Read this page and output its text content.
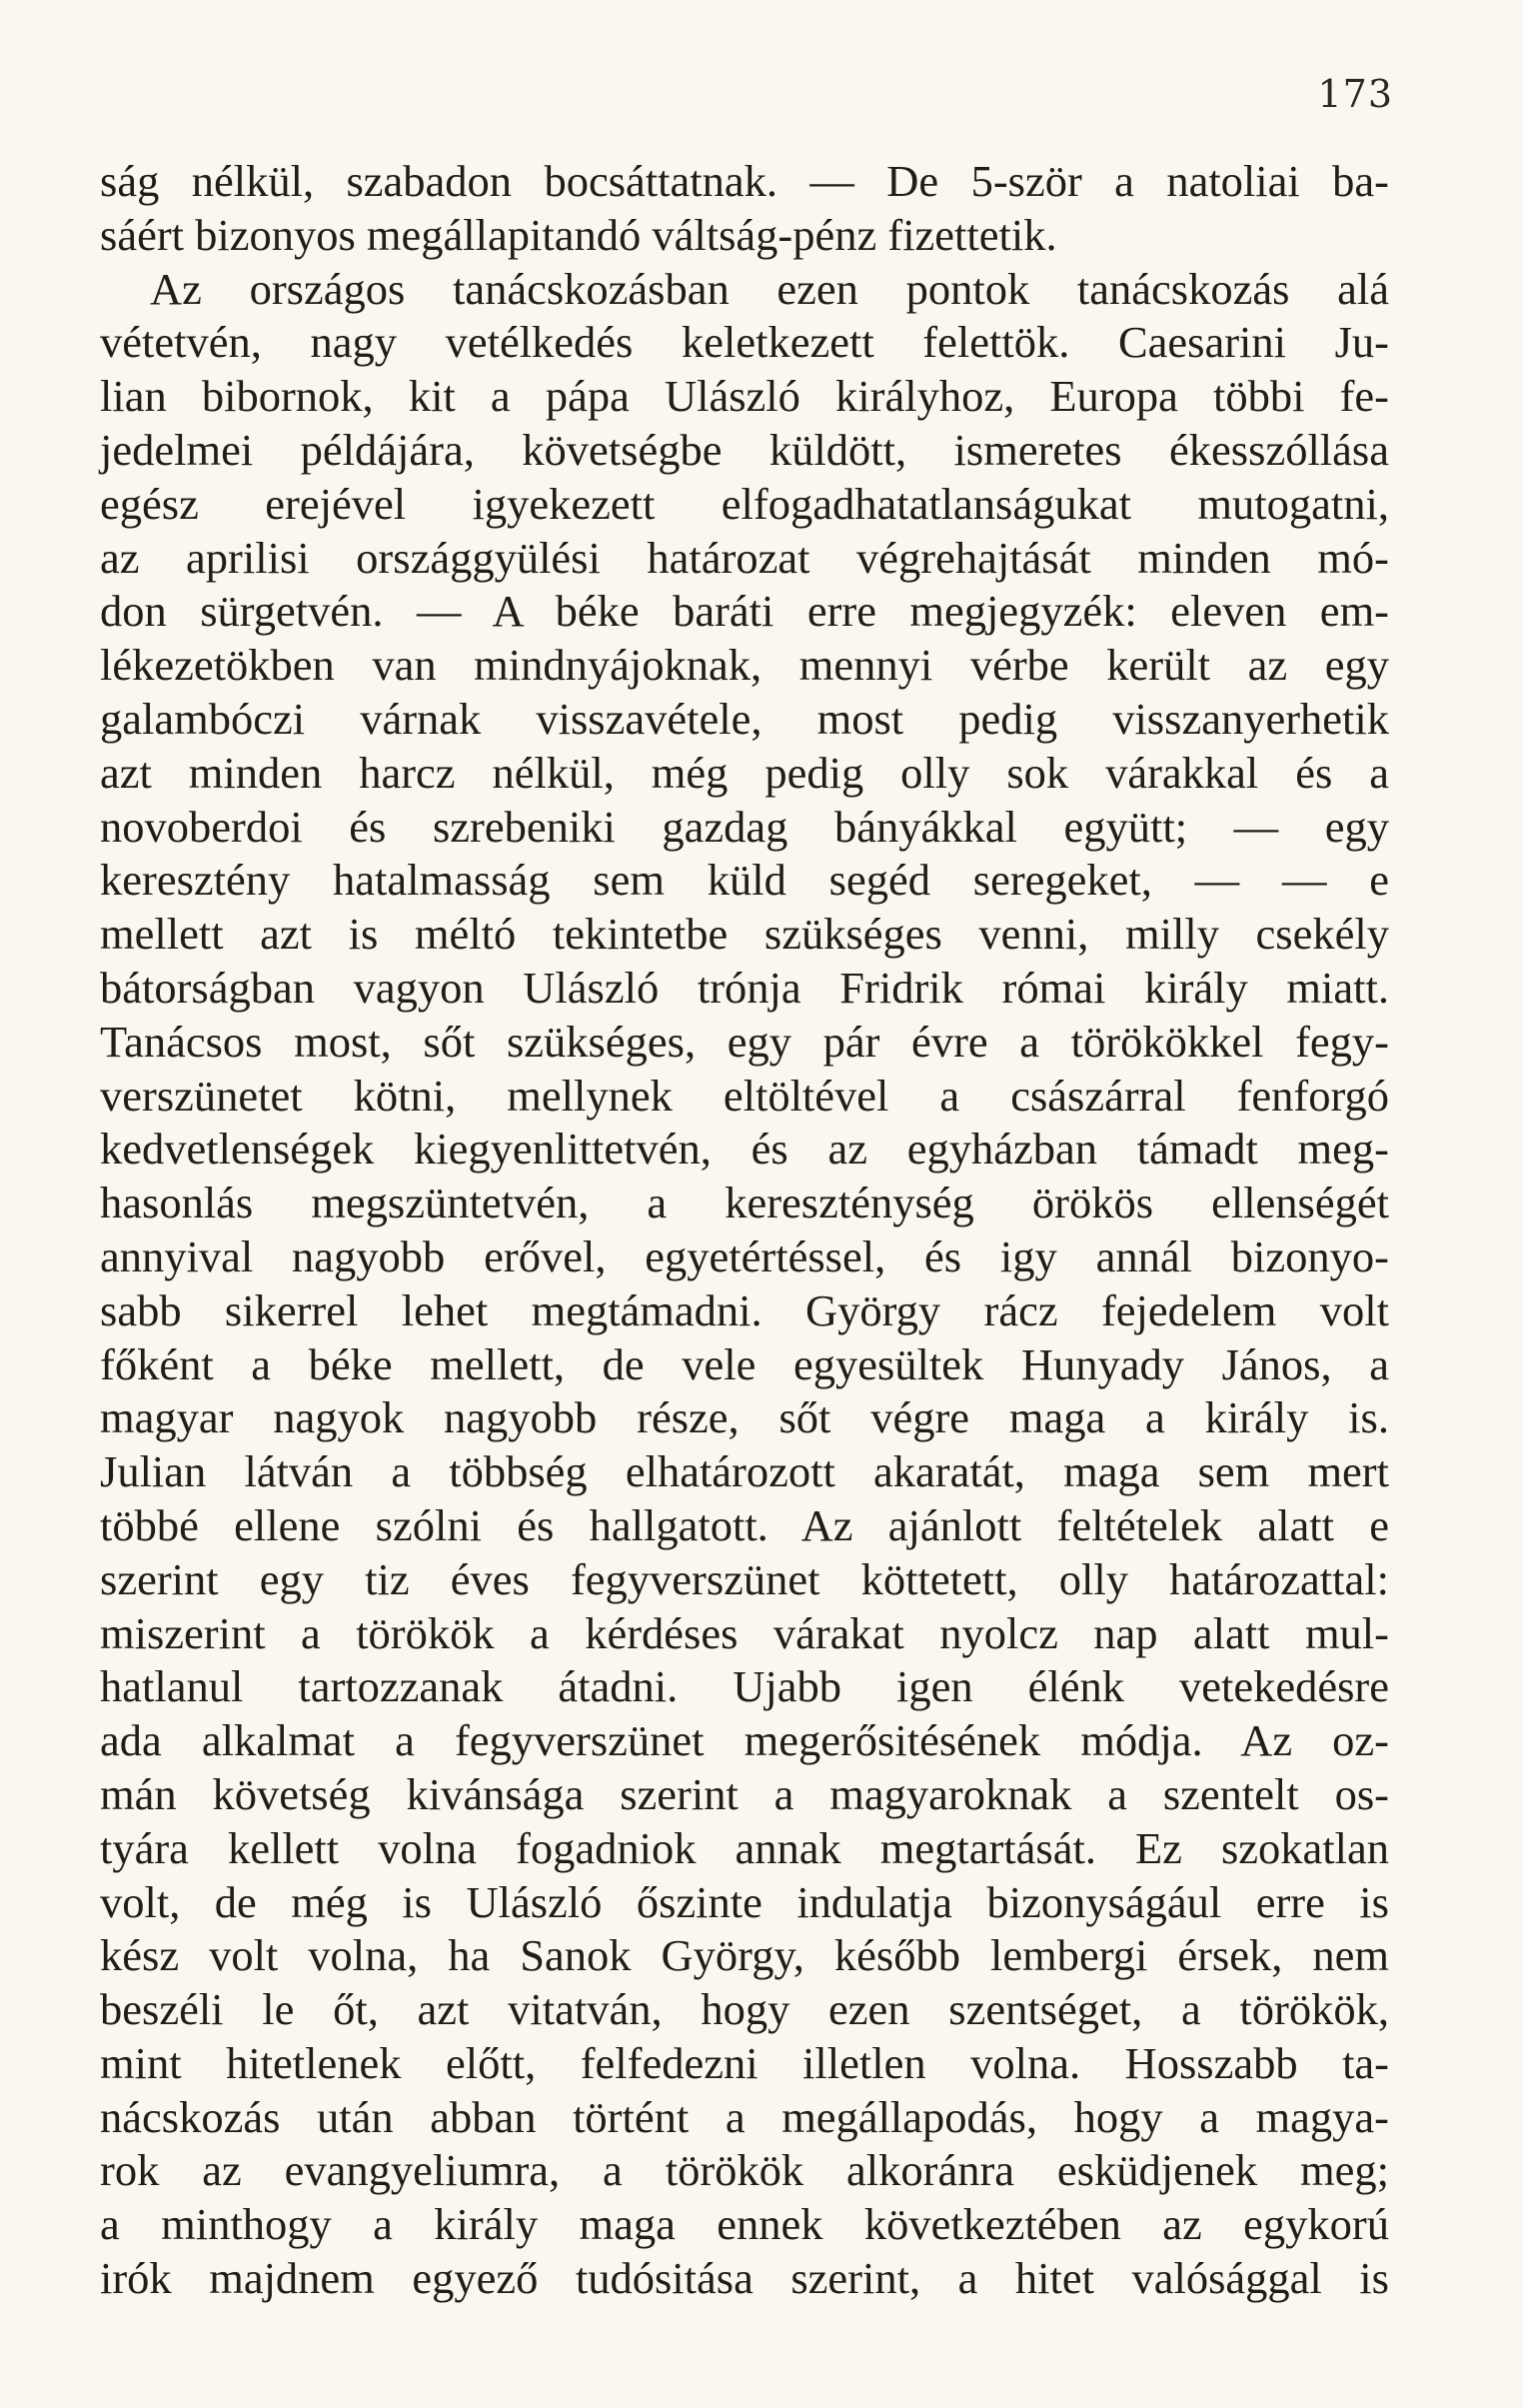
173
ság nélkül, szabadon bocsáttatnak. — De 5-ször a natoliai ba-
sáért bizonyos megállapitandó váltság-pénz fizettetik.
Az országos tanácskozásban ezen pontok tanácskozás alá
vétetvén, nagy vetélkedés keletkezett felettök. Caesarini Ju-
lian bibornok, kit a pápa Ulászló királyhoz, Europa többi fe-
jedelmei példájára, követségbe küldött, ismeretes ékesszóllása
egész erejével igyekezett elfogadhatatlanságukat mutogatni,
az aprilisi országgyülési határozat végrehajtását minden mó-
don sürgetvén. — A béke baráti erre megjegyzék: eleven em-
lékezetökben van mindnyájoknak, mennyi vérbe került az egy
galambóczi várnak visszavétele, most pedig visszanyerhetik
azt minden harcz nélkül, még pedig olly sok várakkal és a
novoberdoi és szrebeniki gazdag bányákkal együtt; — egy
keresztény hatalmasság sem küld segéd seregeket, — — e
mellett azt is méltó tekintetbe szükséges venni, milly csekély
bátorságban vagyon Ulászló trónja Fridrik római király miatt.
Tanácsos most, sőt szükséges, egy pár évre a törökökkel fegy-
verszünetet kötni, mellynek eltöltével a császárral fenforgó
kedvetlenségek kiegyenlittetvén, és az egyházban támadt meg-
hasonlás megszüntetvén, a kereszténység örökös ellenségét
annyival nagyobb erővel, egyetértéssel, és igy annál bizonyo-
sabb sikerrel lehet megtámadni. György rácz fejedelem volt
főként a béke mellett, de vele egyesültek Hunyady János, a
magyar nagyok nagyobb része, sőt végre maga a király is.
Julian látván a többség elhatározott akaratát, maga sem mert
többé ellene szólni és hallgatott. Az ajánlott feltételek alatt e
szerint egy tiz éves fegyverszünet köttetett, olly határozattal:
miszerint a törökök a kérdéses várakat nyolcz nap alatt mul-
hatlanul tartozzanak átadni. Ujabb igen élénk vetekedésre
ada alkalmat a fegyverszünet megerősitésének módja. Az oz-
mán követség kivánsága szerint a magyaroknak a szentelt os-
tyára kellett volna fogadniok annak megtartását. Ez szokatlan
volt, de még is Ulászló őszinte indulatja bizonyságául erre is
kész volt volna, ha Sanok György, később lembergi érsek, nem
beszéli le őt, azt vitatván, hogy ezen szentséget, a törökök,
mint hitetlenek előtt, felfedezni illetlen volna. Hosszabb ta-
nácskozás után abban történt a megállapodás, hogy a magya-
rok az evangyeliumra, a törökök alkoránra esküdjenek meg;
a minthogy a király maga ennek következtében az egykorú
irók majdnem egyező tudósitása szerint, a hitet valósággal is
